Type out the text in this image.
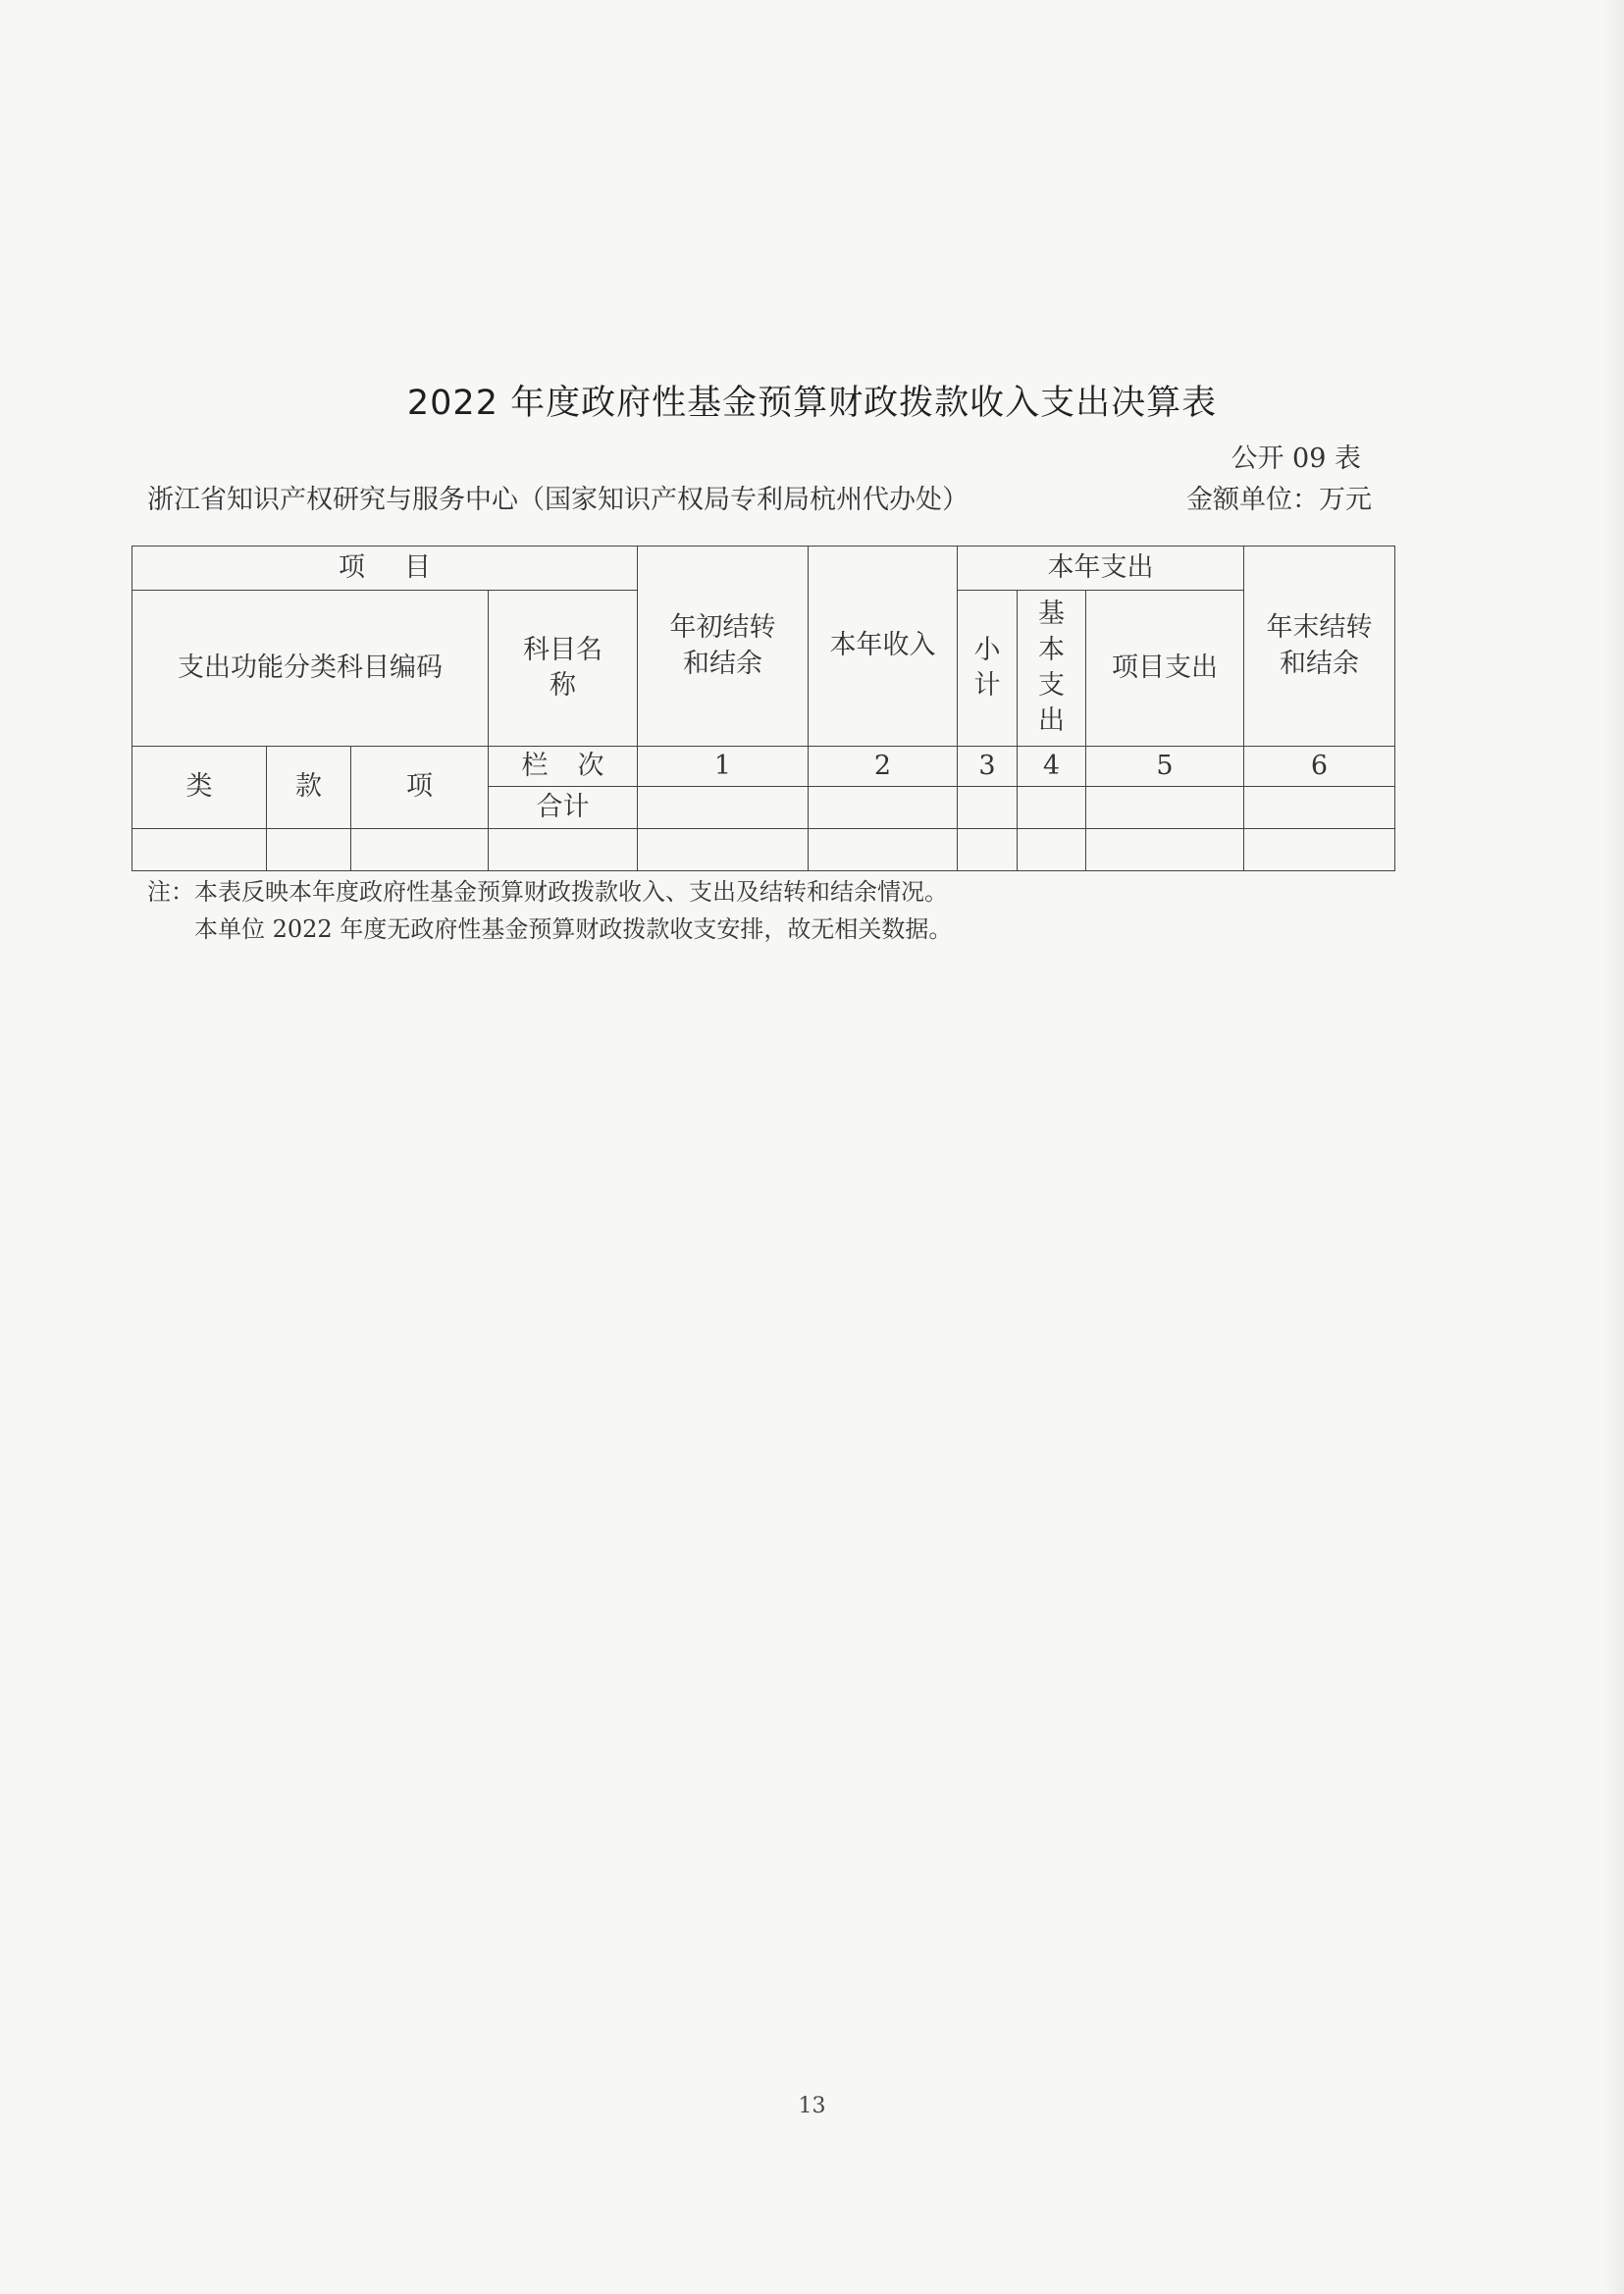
2022 年度政府性基金预算财政拨款收入支出决算表
公开 09 表
浙江省知识产权研究与服务中心（国家知识产权局专利局杭州代办处）	金额单位：万元
项目				年初结转和结余	本年收入	本年支出			年末结转和结余
支出功能分类科目编码			科目名称			小计	基本支出	项目支出	
类	款	项	栏次	1	2	3	4	5	6
			合计						

注：本表反映本年度政府性基金预算财政拨款收入、支出及结转和结余情况。
本单位 2022 年度无政府性基金预算财政拨款收支安排，故无相关数据。
13
